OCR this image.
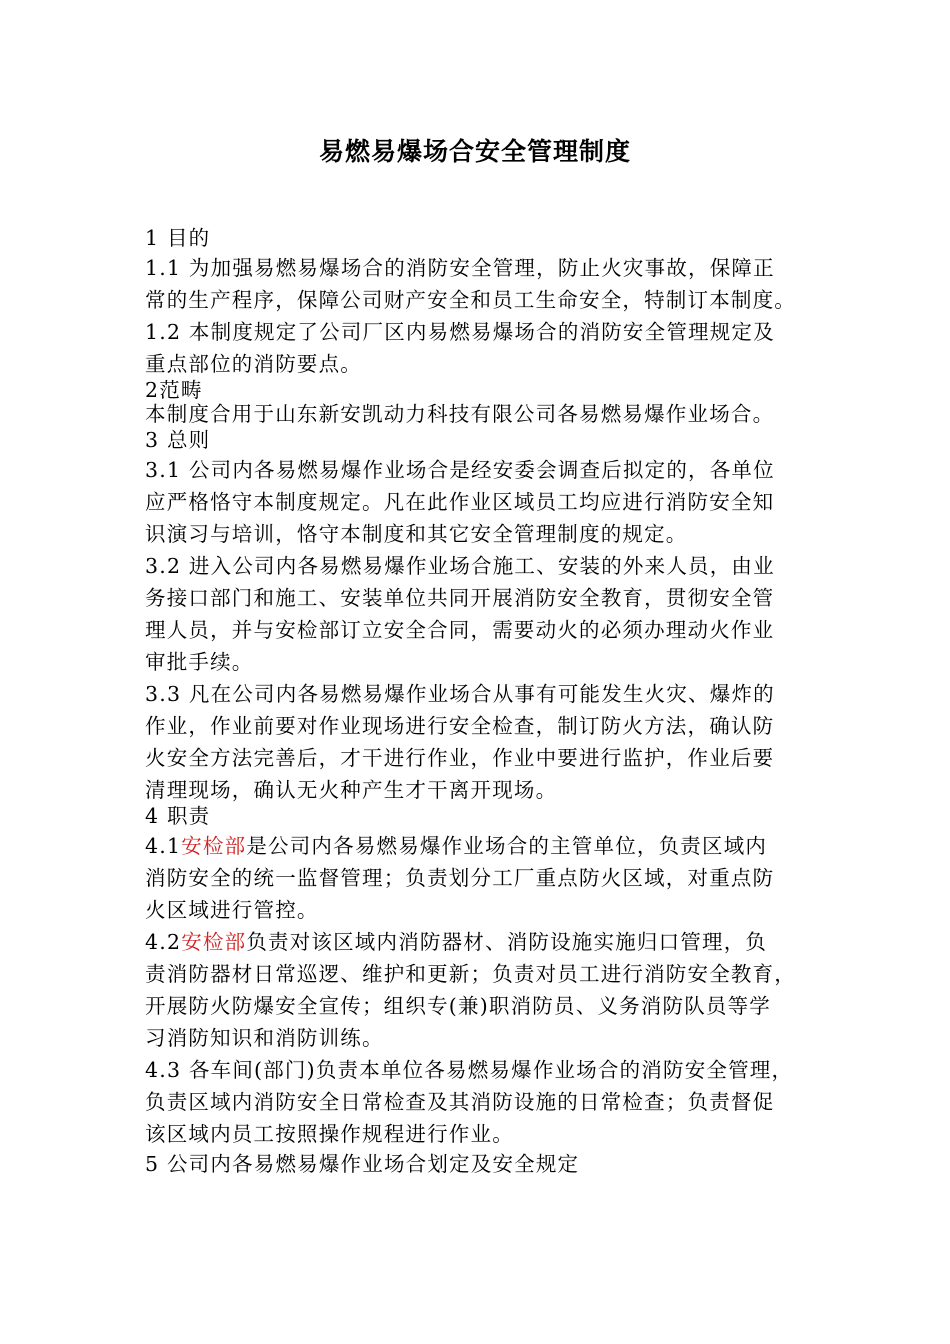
易燃易爆场合安全管理制度
1 目的
1.1 为加强易燃易爆场合的消防安全管理，防止火灾事故，保障正
常的生产程序，保障公司财产安全和员工生命安全，特制订本制度。
1.2 本制度规定了公司厂区内易燃易爆场合的消防安全管理规定及
重点部位的消防要点。
2范畴
本制度合用于山东新安凯动力科技有限公司各易燃易爆作业场合。
3 总则
3.1 公司内各易燃易爆作业场合是经安委会调查后拟定的，各单位
应严格恪守本制度规定。凡在此作业区域员工均应进行消防安全知
识演习与培训，恪守本制度和其它安全管理制度的规定。
3.2 进入公司内各易燃易爆作业场合施工、安装的外来人员，由业
务接口部门和施工、安装单位共同开展消防安全教育，贯彻安全管
理人员，并与安检部订立安全合同，需要动火的必须办理动火作业
审批手续。
3.3 凡在公司内各易燃易爆作业场合从事有可能发生火灾、爆炸的
作业，作业前要对作业现场进行安全检查，制订防火方法，确认防
火安全方法完善后，才干进行作业，作业中要进行监护，作业后要
清理现场，确认无火种产生才干离开现场。
4 职责
4.1安检部是公司内各易燃易爆作业场合的主管单位，负责区域内
消防安全的统一监督管理；负责划分工厂重点防火区域，对重点防
火区域进行管控。
4.2安检部负责对该区域内消防器材、消防设施实施归口管理，负
责消防器材日常巡逻、维护和更新；负责对员工进行消防安全教育，
开展防火防爆安全宣传；组织专(兼)职消防员、义务消防队员等学
习消防知识和消防训练。
4.3 各车间(部门)负责本单位各易燃易爆作业场合的消防安全管理，
负责区域内消防安全日常检查及其消防设施的日常检查；负责督促
该区域内员工按照操作规程进行作业。
5 公司内各易燃易爆作业场合划定及安全规定
